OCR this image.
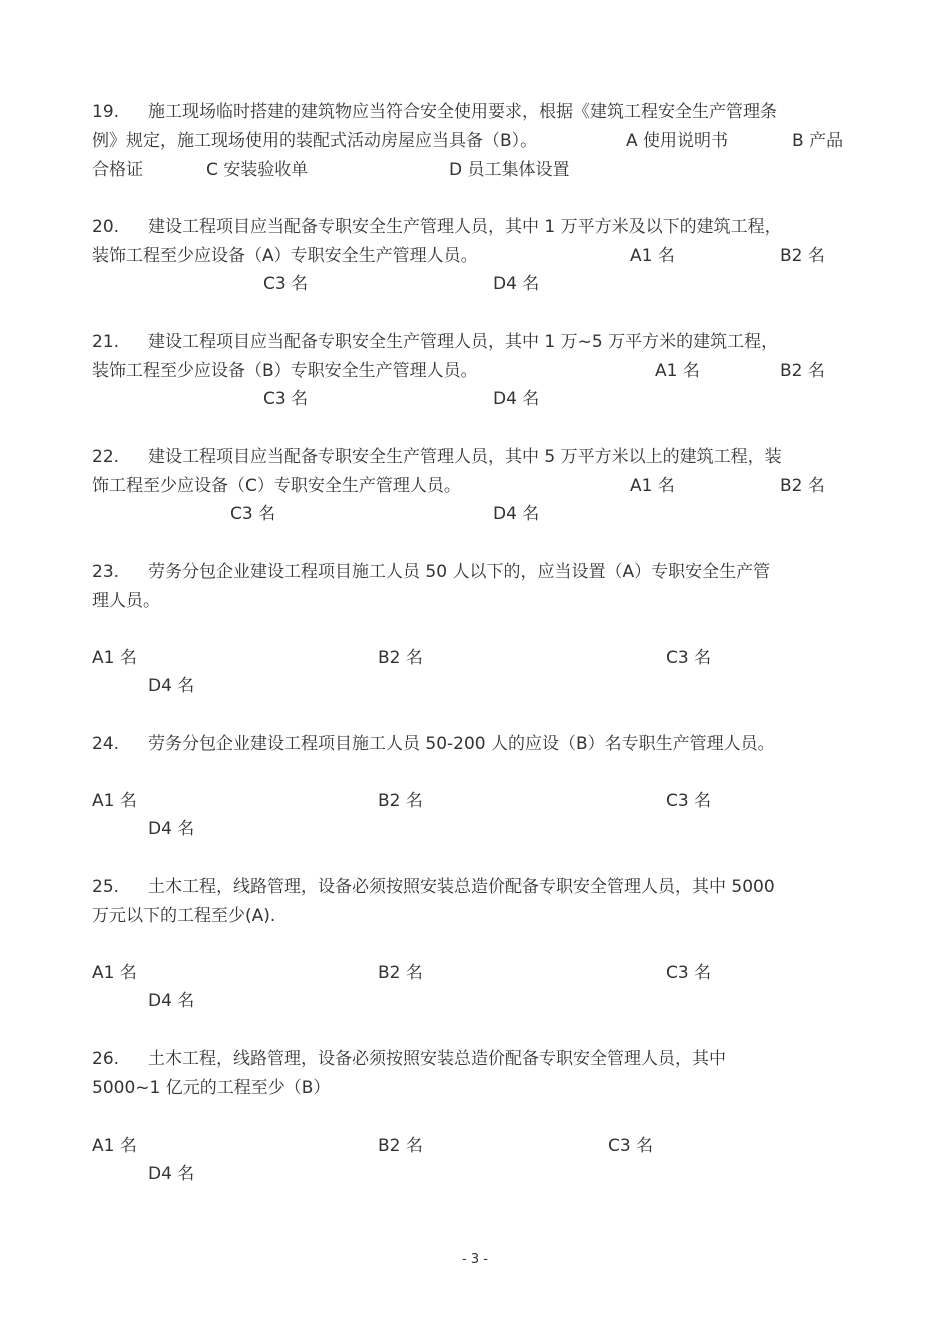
19. 施工现场临时搭建的建筑物应当符合安全使用要求，根据《建筑工程安全生产管理条
例》规定，施工现场使用的装配式活动房屋应当具备（B）。	A 使用说明书	B 产品
合格证	C 安装验收单	D 员工集体设置
20. 建设工程项目应当配备专职安全生产管理人员，其中 1 万平方米及以下的建筑工程，
装饰工程至少应设备（A）专职安全生产管理人员。	A1 名	B2 名
C3 名	D4 名
21. 建设工程项目应当配备专职安全生产管理人员，其中 1 万~5 万平方米的建筑工程，
装饰工程至少应设备（B）专职安全生产管理人员。	A1 名	B2 名
C3 名	D4 名
22. 建设工程项目应当配备专职安全生产管理人员，其中 5 万平方米以上的建筑工程，装
饰工程至少应设备（C）专职安全生产管理人员。	A1 名	B2 名
C3 名	D4 名
23. 劳务分包企业建设工程项目施工人员 50 人以下的，应当设置（A）专职安全生产管
理人员。
A1 名	B2 名	C3 名
D4 名
24. 劳务分包企业建设工程项目施工人员 50-200 人的应设（B）名专职生产管理人员。
A1 名	B2 名	C3 名
D4 名
25. 土木工程，线路管理，设备必须按照安装总造价配备专职安全管理人员，其中 5000
万元以下的工程至少(A).
A1 名	B2 名	C3 名
D4 名
26. 土木工程，线路管理，设备必须按照安装总造价配备专职安全管理人员，其中
5000~1 亿元的工程至少（B）
A1 名	B2 名	C3 名
D4 名
- 3 -
